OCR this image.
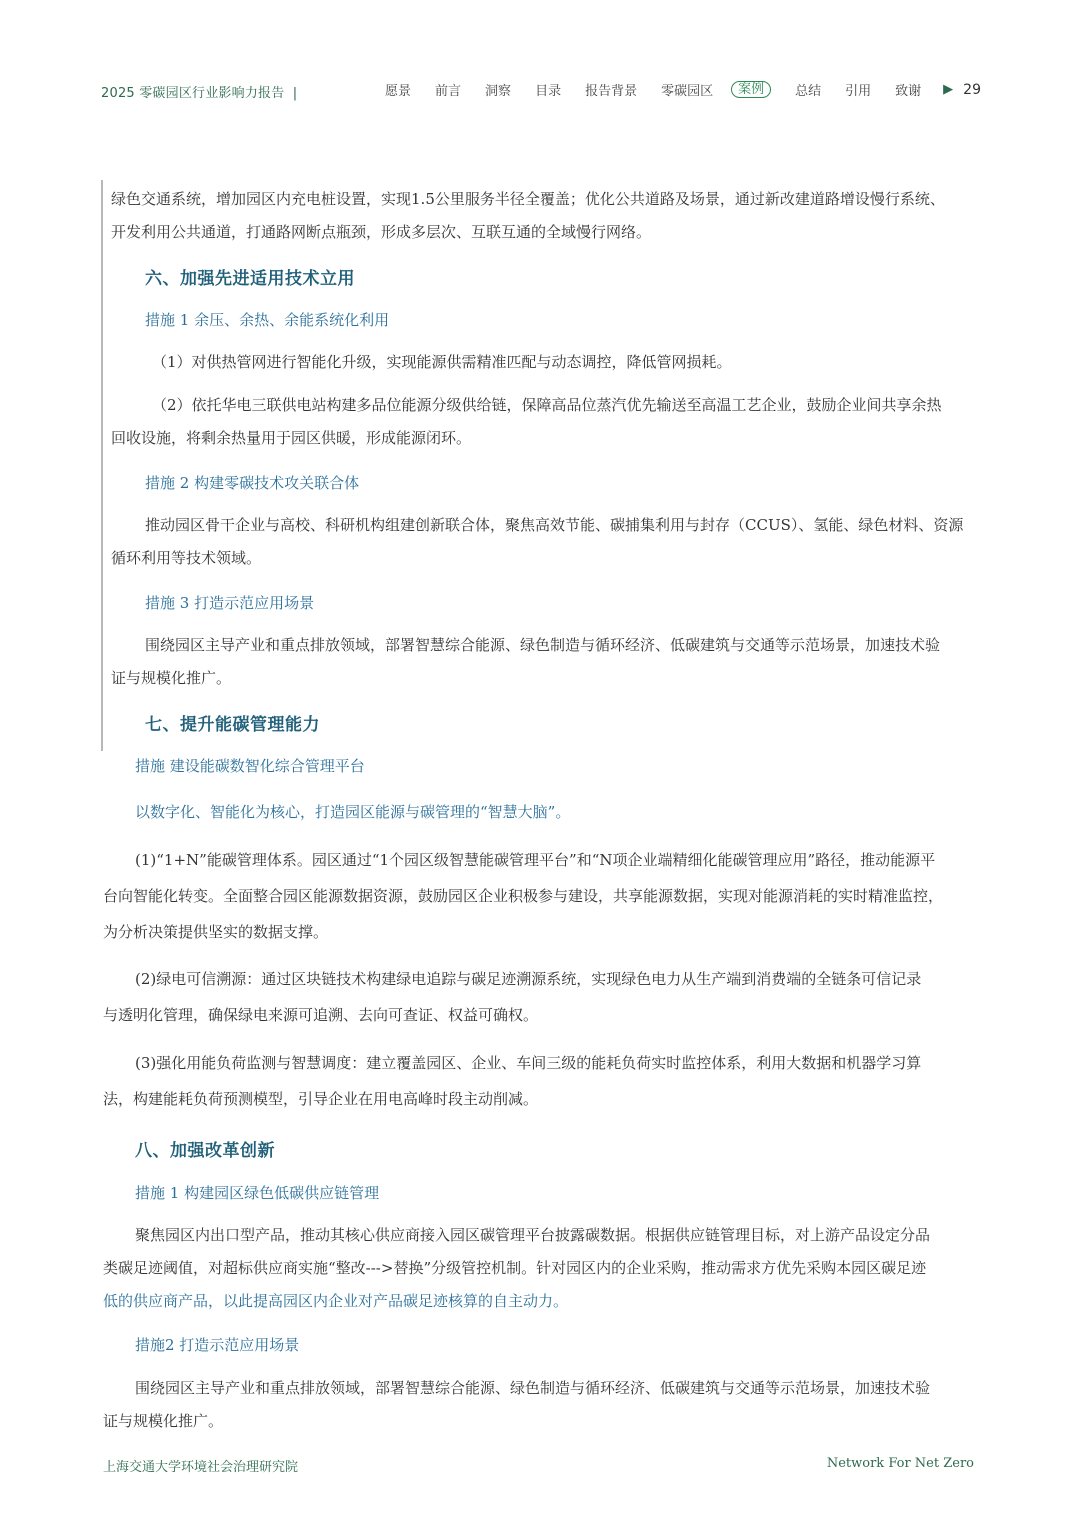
2025 零碳园区行业影响力报告 |	愿景 前言 洞察 目录 报告背景 零碳园区	案例	总结 引用 致谢 ▶ 29

绿色交通系统，增加园区内充电桩设置，实现1.5公里服务半径全覆盖；优化公共道路及场景，通过新改建道路增设慢行系统、

开发利用公共通道，打通路网断点瓶颈，形成多层次、互联互通的全域慢行网络。

六、加强先进适用技术立用
措施 1 余压、余热、余能系统化利用

（1）对供热管网进行智能化升级，实现能源供需精准匹配与动态调控，降低管网损耗。

（2）依托华电三联供电站构建多品位能源分级供给链，保障高品位蒸汽优先输送至高温工艺企业，鼓励企业间共享余热

回收设施，将剩余热量用于园区供暖，形成能源闭环。

措施 2 构建零碳技术攻关联合体

推动园区骨干企业与高校、科研机构组建创新联合体，聚焦高效节能、碳捕集利用与封存（CCUS）、氢能、绿色材料、资源

循环利用等技术领域。

措施 3 打造示范应用场景

围绕园区主导产业和重点排放领域，部署智慧综合能源、绿色制造与循环经济、低碳建筑与交通等示范场景，加速技术验

证与规模化推广。

七、提升能碳管理能力
措施 建设能碳数智化综合管理平台

以数字化、智能化为核心，打造园区能源与碳管理的“智慧大脑”。

(1)“1+N”能碳管理体系。园区通过“1个园区级智慧能碳管理平台”和“N项企业端精细化能碳管理应用”路径，推动能源平

台向智能化转变。全面整合园区能源数据资源，鼓励园区企业积极参与建设，共享能源数据，实现对能源消耗的实时精准监控，

为分析决策提供坚实的数据支撑。

(2)绿电可信溯源：通过区块链技术构建绿电追踪与碳足迹溯源系统，实现绿色电力从生产端到消费端的全链条可信记录

与透明化管理，确保绿电来源可追溯、去向可查证、权益可确权。

(3)强化用能负荷监测与智慧调度：建立覆盖园区、企业、车间三级的能耗负荷实时监控体系，利用大数据和机器学习算

法，构建能耗负荷预测模型，引导企业在用电高峰时段主动削减。

八、加强改革创新
措施 1 构建园区绿色低碳供应链管理

聚焦园区内出口型产品，推动其核心供应商接入园区碳管理平台披露碳数据。根据供应链管理目标，对上游产品设定分品

类碳足迹阈值，对超标供应商实施“整改--->替换”分级管控机制。针对园区内的企业采购，推动需求方优先采购本园区碳足迹

低的供应商产品，以此提高园区内企业对产品碳足迹核算的自主动力。

措施2 打造示范应用场景

围绕园区主导产业和重点排放领域，部署智慧综合能源、绿色制造与循环经济、低碳建筑与交通等示范场景，加速技术验

证与规模化推广。

上海交通大学环境社会治理研究院	Network For Net Zero
